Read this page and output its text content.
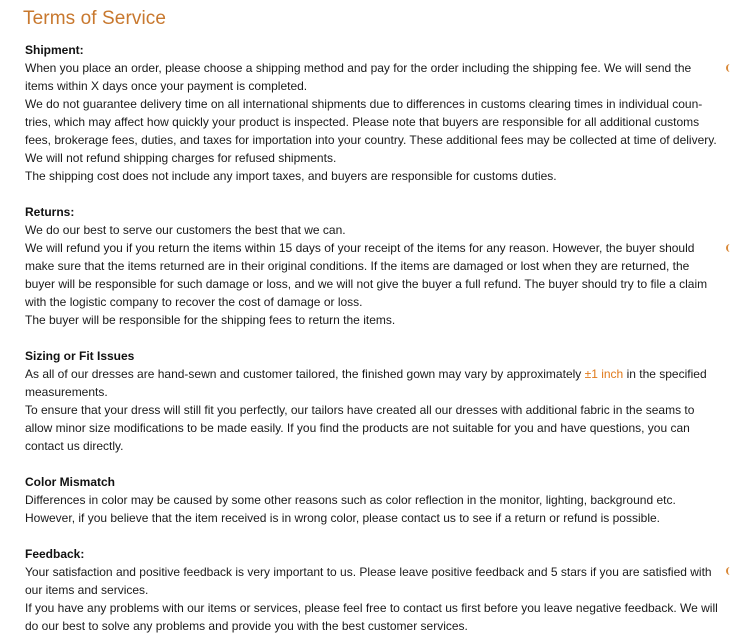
Terms of Service

Shipment:

When you place an order, please choose a shipping method and pay for the order including the shipping fee. We will send the

items within X days once your payment is completed.

We do not guarantee delivery time on all international shipments due to differences in customs clearing times in individual coun-

tries, which may affect how quickly your product is inspected. Please note that buyers are responsible for all additional customs

fees, brokerage fees, duties, and taxes for importation into your country. These additional fees may be collected at time of delivery.

We will not refund shipping charges for refused shipments.

The shipping cost does not include any import taxes, and buyers are responsible for customs duties.

Returns:

We do our best to serve our customers the best that we can.

We will refund you if you return the items within 15 days of your receipt of the items for any reason. However, the buyer should

make sure that the items returned are in their original conditions. If the items are damaged or lost when they are returned, the

buyer will be responsible for such damage or loss, and we will not give the buyer a full refund. The buyer should try to file a claim

with the logistic company to recover the cost of damage or loss.

The buyer will be responsible for the shipping fees to return the items.

Sizing or Fit Issues

As all of our dresses are hand-sewn and customer tailored, the finished gown may vary by approximately ±1 inch in the specified

measurements.

To ensure that your dress will still fit you perfectly, our tailors have created all our dresses with additional fabric in the seams to

allow minor size modifications to be made easily. If you find the products are not suitable for you and have questions, you can

contact us directly.

Color Mismatch

Differences in color may be caused by some other reasons such as color reflection in the monitor, lighting, background etc.

However, if you believe that the item received is in wrong color, please contact us to see if a return or refund is possible.

Feedback:

Your satisfaction and positive feedback is very important to us. Please leave positive feedback and 5 stars if you are satisfied with

our items and services.

If you have any problems with our items or services, please feel free to contact us first before you leave negative feedback. We will

do our best to solve any problems and provide you with the best customer services.
